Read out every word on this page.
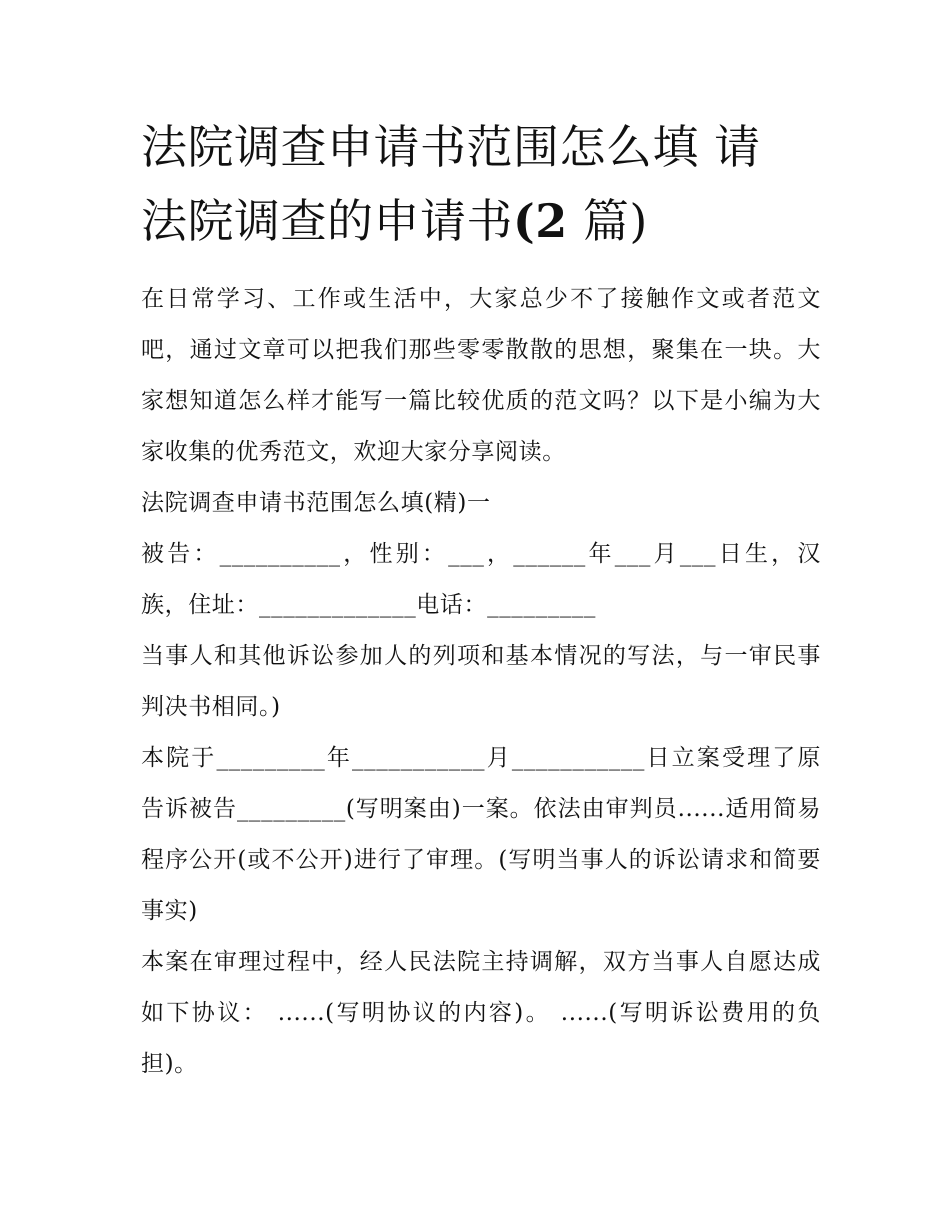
法院调查申请书范围怎么填 请
法院调查的申请书(2 篇)

在日常学习、工作或生活中，大家总少不了接触作文或者范文吧，通过文章可以把我们那些零零散散的思想，聚集在一块。大家想知道怎么样才能写一篇比较优质的范文吗？以下是小编为大家收集的优秀范文，欢迎大家分享阅读。

法院调查申请书范围怎么填(精)一

被告：__________，性别：___，______年___月___日生，汉族，住址：_____________电话：_________

当事人和其他诉讼参加人的列项和基本情况的写法，与一审民事判决书相同。)

本院于_________年___________月___________日立案受理了原告诉被告_________(写明案由)一案。依法由审判员......适用简易程序公开(或不公开)进行了审理。(写明当事人的诉讼请求和简要事实)

本案在审理过程中，经人民法院主持调解，双方当事人自愿达成如下协议： ......(写明协议的内容)。 ......(写明诉讼费用的负担)。
